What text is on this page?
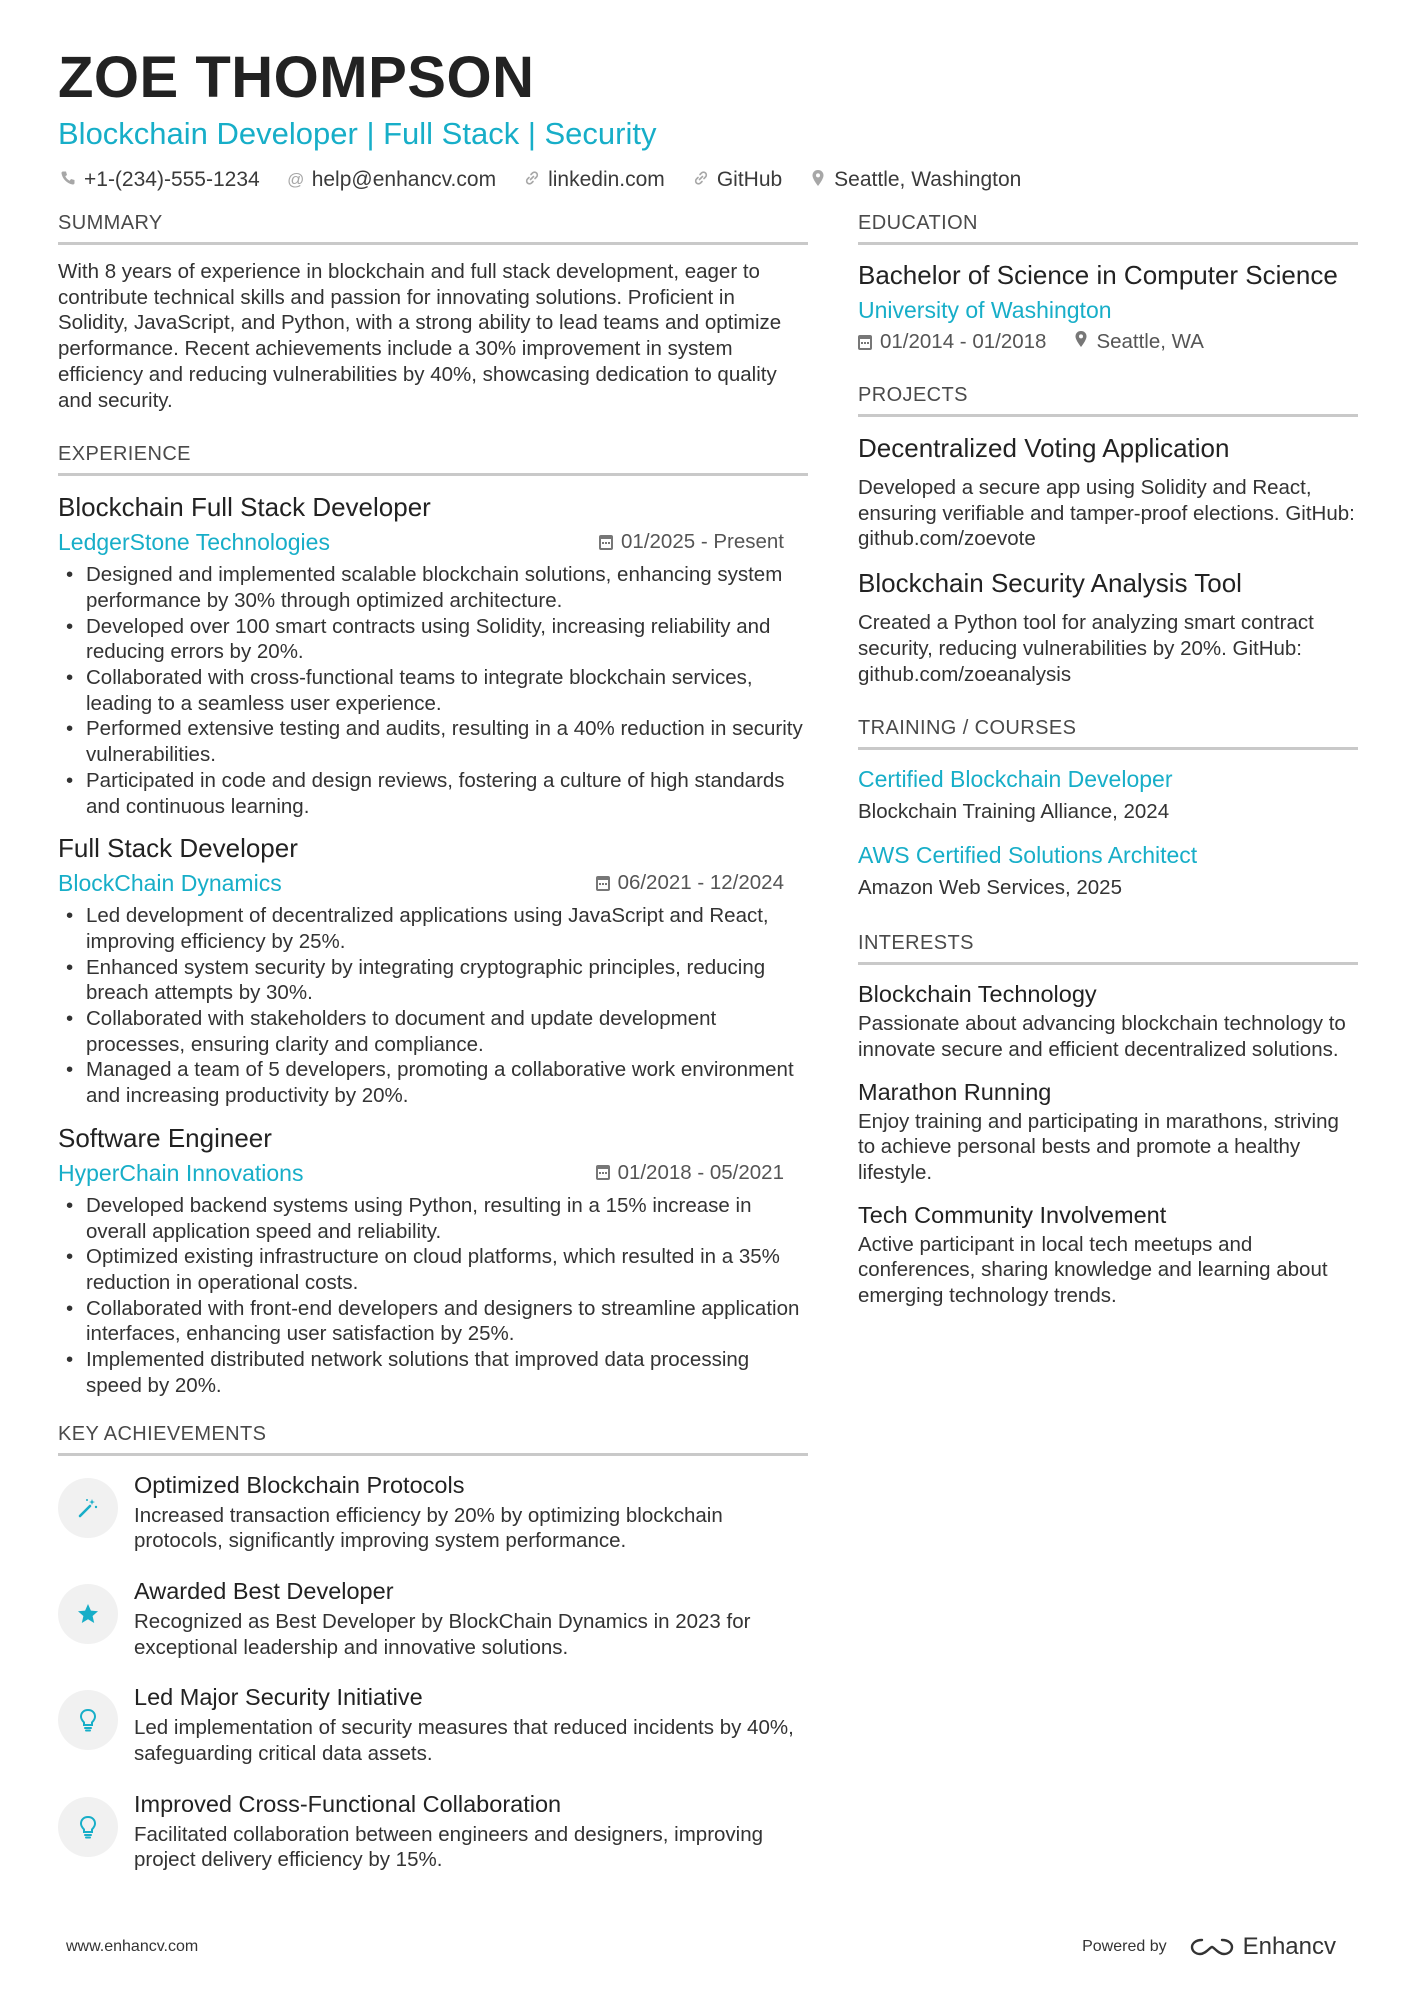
ZOE THOMPSON
Blockchain Developer | Full Stack | Security
+1-(234)-555-1234 @ help@enhancv.com linkedin.com GitHub Seattle, Washington
SUMMARY
With 8 years of experience in blockchain and full stack development, eager to contribute technical skills and passion for innovating solutions. Proficient in Solidity, JavaScript, and Python, with a strong ability to lead teams and optimize performance. Recent achievements include a 30% improvement in system efficiency and reducing vulnerabilities by 40%, showcasing dedication to quality and security.
EXPERIENCE
Blockchain Full Stack Developer
LedgerStone Technologies	01/2025 - Present
• Designed and implemented scalable blockchain solutions, enhancing system performance by 30% through optimized architecture.
• Developed over 100 smart contracts using Solidity, increasing reliability and reducing errors by 20%.
• Collaborated with cross-functional teams to integrate blockchain services, leading to a seamless user experience.
• Performed extensive testing and audits, resulting in a 40% reduction in security vulnerabilities.
• Participated in code and design reviews, fostering a culture of high standards and continuous learning.
Full Stack Developer
BlockChain Dynamics	06/2021 - 12/2024
• Led development of decentralized applications using JavaScript and React, improving efficiency by 25%.
• Enhanced system security by integrating cryptographic principles, reducing breach attempts by 30%.
• Collaborated with stakeholders to document and update development processes, ensuring clarity and compliance.
• Managed a team of 5 developers, promoting a collaborative work environment and increasing productivity by 20%.
Software Engineer
HyperChain Innovations	01/2018 - 05/2021
• Developed backend systems using Python, resulting in a 15% increase in overall application speed and reliability.
• Optimized existing infrastructure on cloud platforms, which resulted in a 35% reduction in operational costs.
• Collaborated with front-end developers and designers to streamline application interfaces, enhancing user satisfaction by 25%.
• Implemented distributed network solutions that improved data processing speed by 20%.
KEY ACHIEVEMENTS
Optimized Blockchain Protocols
Increased transaction efficiency by 20% by optimizing blockchain protocols, significantly improving system performance.
Awarded Best Developer
Recognized as Best Developer by BlockChain Dynamics in 2023 for exceptional leadership and innovative solutions.
Led Major Security Initiative
Led implementation of security measures that reduced incidents by 40%, safeguarding critical data assets.
Improved Cross-Functional Collaboration
Facilitated collaboration between engineers and designers, improving project delivery efficiency by 15%.
EDUCATION
Bachelor of Science in Computer Science
University of Washington
01/2014 - 01/2018 Seattle, WA
PROJECTS
Decentralized Voting Application
Developed a secure app using Solidity and React, ensuring verifiable and tamper-proof elections. GitHub: github.com/zoevote
Blockchain Security Analysis Tool
Created a Python tool for analyzing smart contract security, reducing vulnerabilities by 20%. GitHub: github.com/zoeanalysis
TRAINING / COURSES
Certified Blockchain Developer
Blockchain Training Alliance, 2024
AWS Certified Solutions Architect
Amazon Web Services, 2025
INTERESTS
Blockchain Technology
Passionate about advancing blockchain technology to innovate secure and efficient decentralized solutions.
Marathon Running
Enjoy training and participating in marathons, striving to achieve personal bests and promote a healthy lifestyle.
Tech Community Involvement
Active participant in local tech meetups and conferences, sharing knowledge and learning about emerging technology trends.
www.enhancv.com	Powered by	Enhancv
